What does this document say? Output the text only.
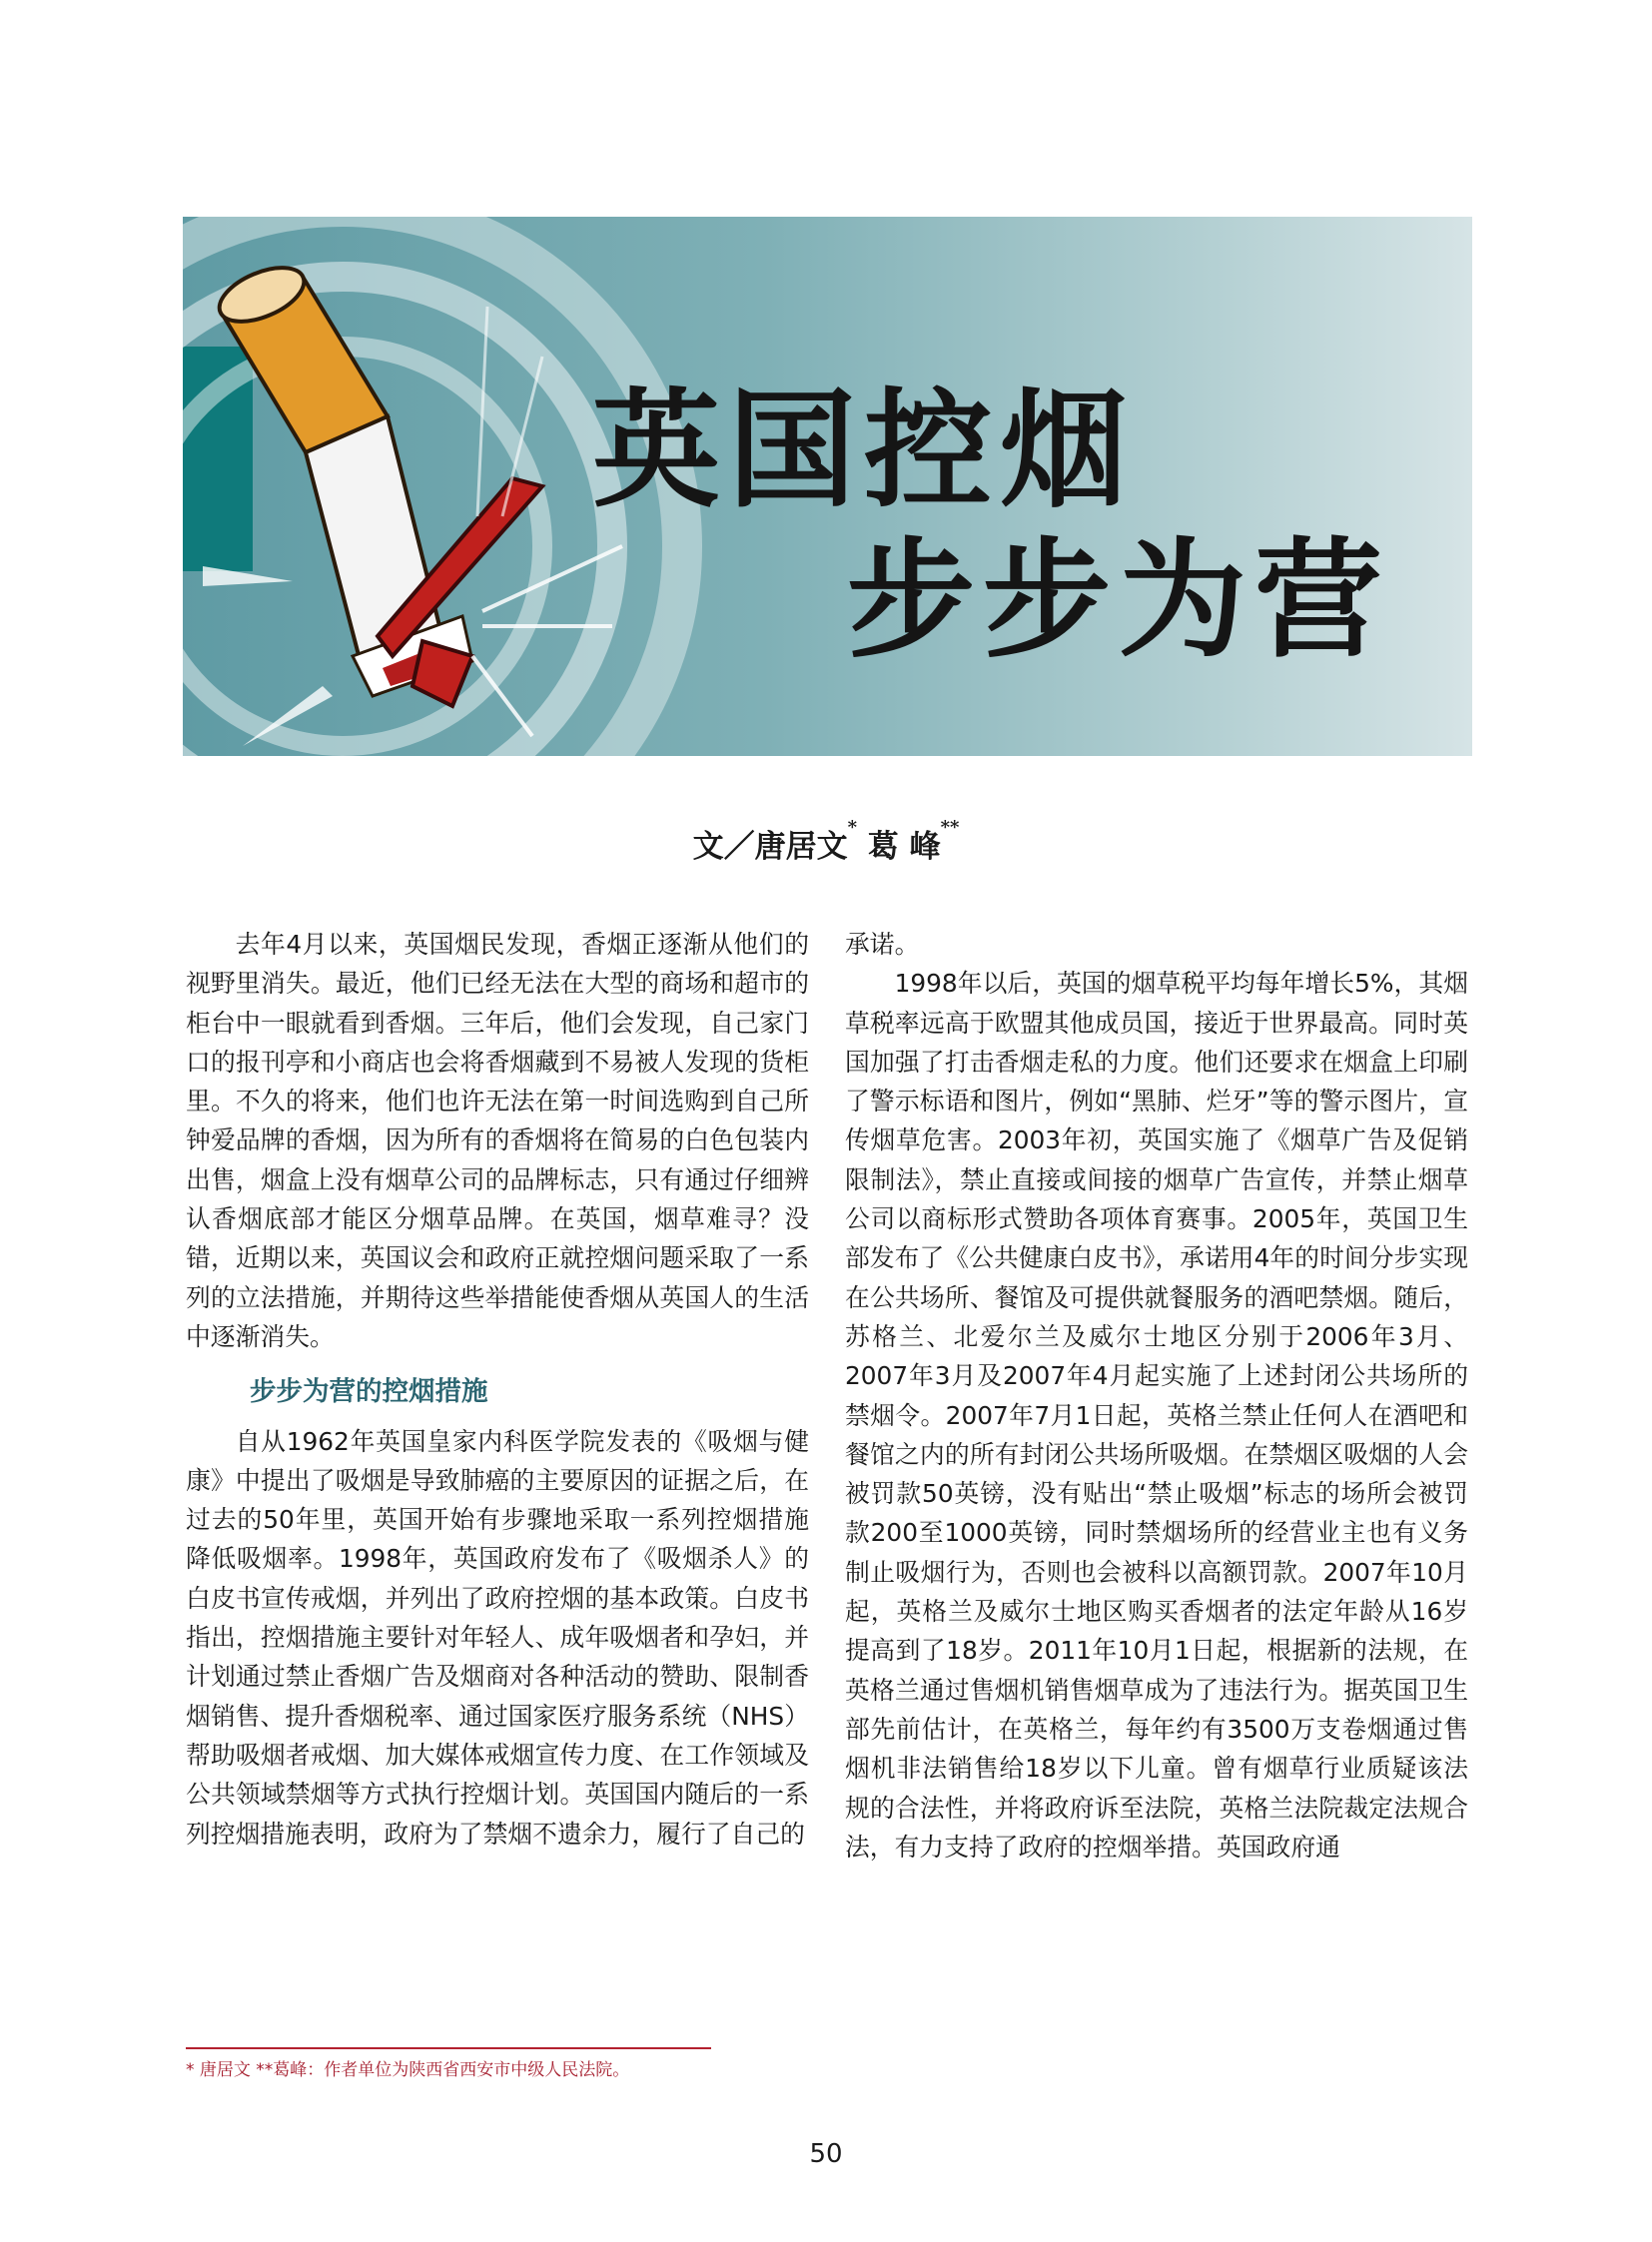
英国控烟
步步为营
文／唐居文* 葛 峰**

去年4月以来，英国烟民发现，香烟正逐渐从他们的视野里消失。最近，他们已经无法在大型的商场和超市的柜台中一眼就看到香烟。三年后，他们会发现，自己家门口的报刊亭和小商店也会将香烟藏到不易被人发现的货柜里。不久的将来，他们也许无法在第一时间选购到自己所钟爱品牌的香烟，因为所有的香烟将在简易的白色包装内出售，烟盒上没有烟草公司的品牌标志，只有通过仔细辨认香烟底部才能区分烟草品牌。在英国，烟草难寻？没错，近期以来，英国议会和政府正就控烟问题采取了一系列的立法措施，并期待这些举措能使香烟从英国人的生活中逐渐消失。

步步为营的控烟措施

自从1962年英国皇家内科医学院发表的《吸烟与健康》中提出了吸烟是导致肺癌的主要原因的证据之后，在过去的50年里，英国开始有步骤地采取一系列控烟措施降低吸烟率。1998年，英国政府发布了《吸烟杀人》的白皮书宣传戒烟，并列出了政府控烟的基本政策。白皮书指出，控烟措施主要针对年轻人、成年吸烟者和孕妇，并计划通过禁止香烟广告及烟商对各种活动的赞助、限制香烟销售、提升香烟税率、通过国家医疗服务系统（NHS）帮助吸烟者戒烟、加大媒体戒烟宣传力度、在工作领域及公共领域禁烟等方式执行控烟计划。英国国内随后的一系列控烟措施表明，政府为了禁烟不遗余力，履行了自己的

承诺。

1998年以后，英国的烟草税平均每年增长5%，其烟草税率远高于欧盟其他成员国，接近于世界最高。同时英国加强了打击香烟走私的力度。他们还要求在烟盒上印刷了警示标语和图片，例如“黑肺、烂牙”等的警示图片，宣传烟草危害。2003年初，英国实施了《烟草广告及促销限制法》，禁止直接或间接的烟草广告宣传，并禁止烟草公司以商标形式赞助各项体育赛事。2005年，英国卫生部发布了《公共健康白皮书》，承诺用4年的时间分步实现在公共场所、餐馆及可提供就餐服务的酒吧禁烟。随后，苏格兰、北爱尔兰及威尔士地区分别于2006年3月、2007年3月及2007年4月起实施了上述封闭公共场所的禁烟令。2007年7月1日起，英格兰禁止任何人在酒吧和餐馆之内的所有封闭公共场所吸烟。在禁烟区吸烟的人会被罚款50英镑，没有贴出“禁止吸烟”标志的场所会被罚款200至1000英镑，同时禁烟场所的经营业主也有义务制止吸烟行为，否则也会被科以高额罚款。2007年10月起，英格兰及威尔士地区购买香烟者的法定年龄从16岁提高到了18岁。2011年10月1日起，根据新的法规，在英格兰通过售烟机销售烟草成为了违法行为。据英国卫生部先前估计，在英格兰，每年约有3500万支卷烟通过售烟机非法销售给18岁以下儿童。曾有烟草行业质疑该法规的合法性，并将政府诉至法院，英格兰法院裁定法规合法，有力支持了政府的控烟举措。英国政府通

* 唐居文 **葛峰：作者单位为陕西省西安市中级人民法院。
50
